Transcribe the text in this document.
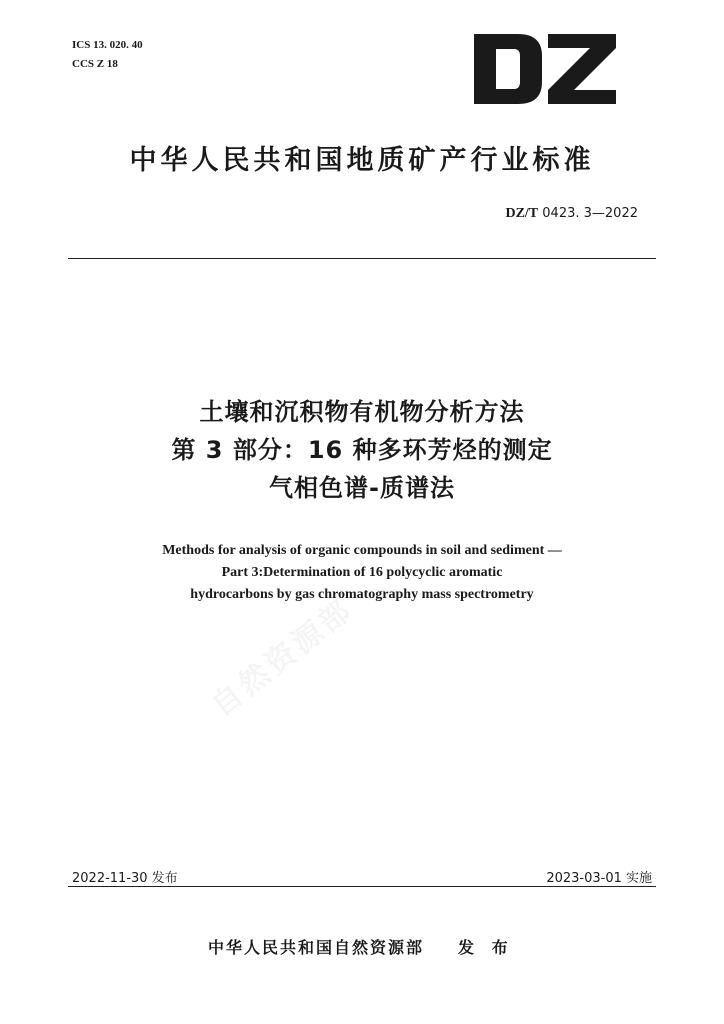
ICS 13. 020. 40
CCS Z 18
中华人民共和国地质矿产行业标准
DZ/T 0423. 3—2022
土壤和沉积物有机物分析方法
第 3 部分：16 种多环芳烃的测定
气相色谱-质谱法
Methods for analysis of organic compounds in soil and sediment —
Part 3:Determination of 16 polycyclic aromatic
hydrocarbons by gas chromatography mass spectrometry
2022-11-30 发布	2023-03-01 实施
中华人民共和国自然资源部 发 布
